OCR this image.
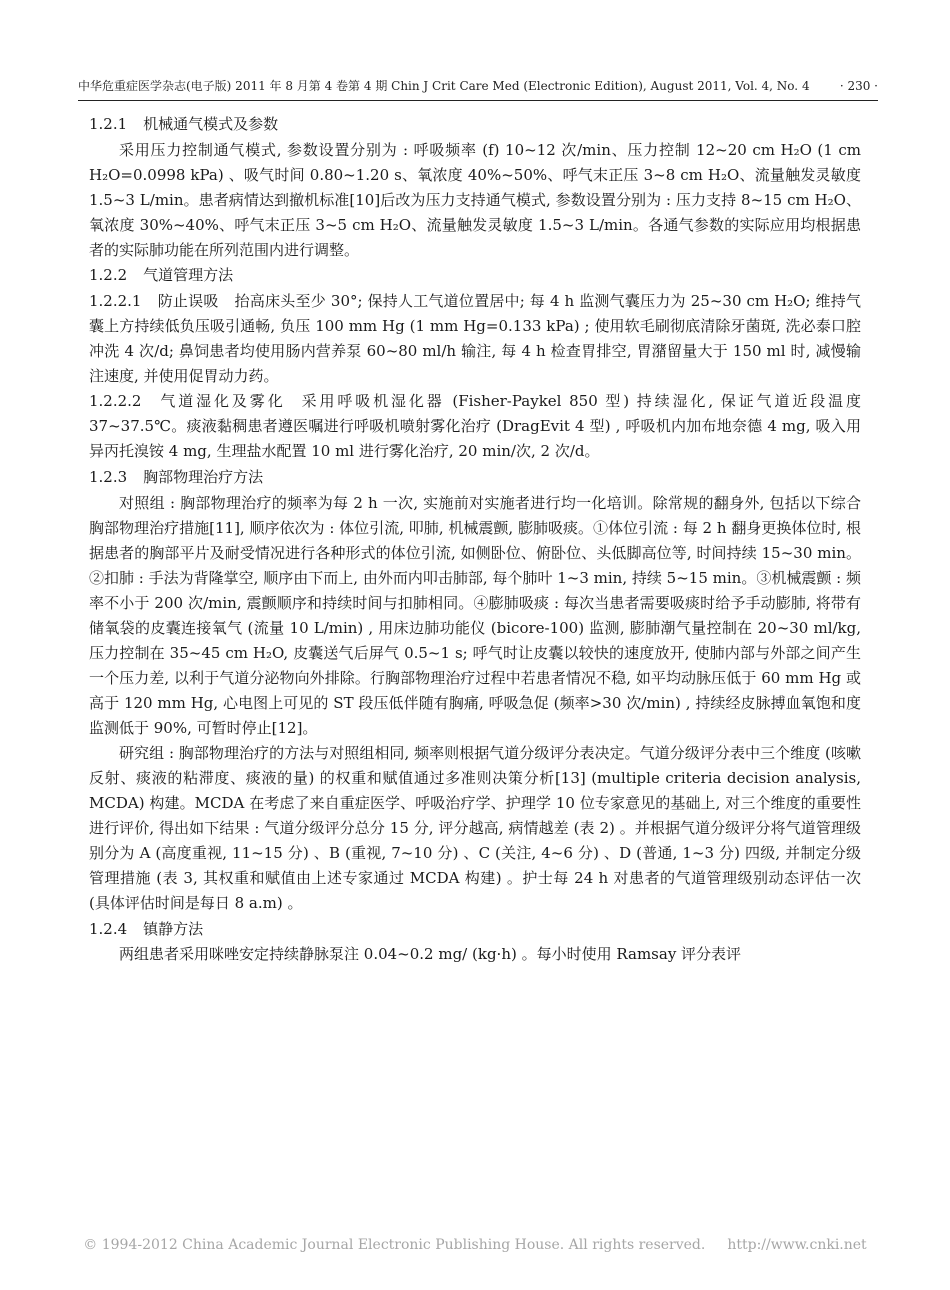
中华危重症医学杂志(电子版) 2011 年 8 月第 4 卷第 4 期 Chin J Crit Care Med (Electronic Edition), August 2011, Vol. 4, No. 4	· 230 ·
1.2.1 机械通气模式及参数
采用压力控制通气模式, 参数设置分别为 : 呼吸频率 (f) 10~12 次/min、压力控制 12~20 cm H₂O (1 cm H₂O=0.0998 kPa) 、吸气时间 0.80~1.20 s、氧浓度 40%~50%、呼气末正压 3~8 cm H₂O、流量触发灵敏度 1.5~3 L/min。患者病情达到撤机标准[10]后改为压力支持通气模式, 参数设置分别为 : 压力支持 8~15 cm H₂O、氧浓度 30%~40%、呼气末正压 3~5 cm H₂O、流量触发灵敏度 1.5~3 L/min。各通气参数的实际应用均根据患者的实际肺功能在所列范围内进行调整。
1.2.2 气道管理方法
1.2.2.1 防止误吸 抬高床头至少 30°; 保持人工气道位置居中; 每 4 h 监测气囊压力为 25~30 cm H₂O; 维持气囊上方持续低负压吸引通畅, 负压 100 mm Hg (1 mm Hg=0.133 kPa) ; 使用软毛刷彻底清除牙菌斑, 洗必泰口腔冲洗 4 次/d; 鼻饲患者均使用肠内营养泵 60~80 ml/h 输注, 每 4 h 检查胃排空, 胃潴留量大于 150 ml 时, 减慢输注速度, 并使用促胃动力药。
1.2.2.2 气道湿化及雾化 采用呼吸机湿化器 (Fisher-Paykel 850 型) 持续湿化, 保证气道近段温度 37~37.5℃。痰液黏稠患者遵医嘱进行呼吸机喷射雾化治疗 (DragEvit 4 型) , 呼吸机内加布地奈德 4 mg, 吸入用异丙托溴铵 4 mg, 生理盐水配置 10 ml 进行雾化治疗, 20 min/次, 2 次/d。
1.2.3 胸部物理治疗方法
对照组 : 胸部物理治疗的频率为每 2 h 一次, 实施前对实施者进行均一化培训。除常规的翻身外, 包括以下综合胸部物理治疗措施[11], 顺序依次为 : 体位引流, 叩肺, 机械震颤, 膨肺吸痰。①体位引流 : 每 2 h 翻身更换体位时, 根据患者的胸部平片及耐受情况进行各种形式的体位引流, 如侧卧位、俯卧位、头低脚高位等, 时间持续 15~30 min。②扣肺 : 手法为背隆掌空, 顺序由下而上, 由外而内叩击肺部, 每个肺叶 1~3 min, 持续 5~15 min。③机械震颤 : 频率不小于 200 次/min, 震颤顺序和持续时间与扣肺相同。④膨肺吸痰 : 每次当患者需要吸痰时给予手动膨肺, 将带有储氧袋的皮囊连接氧气 (流量 10 L/min) , 用床边肺功能仪 (bicore-100) 监测, 膨肺潮气量控制在 20~30 ml/kg, 压力控制在 35~45 cm H₂O, 皮囊送气后屏气 0.5~1 s; 呼气时让皮囊以较快的速度放开, 使肺内部与外部之间产生一个压力差, 以利于气道分泌物向外排除。行胸部物理治疗过程中若患者情况不稳, 如平均动脉压低于 60 mm Hg 或高于 120 mm Hg, 心电图上可见的 ST 段压低伴随有胸痛, 呼吸急促 (频率>30 次/min) , 持续经皮脉搏血氧饱和度监测低于 90%, 可暂时停止[12]。
研究组 : 胸部物理治疗的方法与对照组相同, 频率则根据气道分级评分表决定。气道分级评分表中三个维度 (咳嗽反射、痰液的粘滞度、痰液的量) 的权重和赋值通过多准则决策分析[13] (multiple criteria decision analysis, MCDA) 构建。MCDA 在考虑了来自重症医学、呼吸治疗学、护理学 10 位专家意见的基础上, 对三个维度的重要性进行评价, 得出如下结果 : 气道分级评分总分 15 分, 评分越高, 病情越差 (表 2) 。并根据气道分级评分将气道管理级别分为 A (高度重视, 11~15 分) 、B (重视, 7~10 分) 、C (关注, 4~6 分) 、D (普通, 1~3 分) 四级, 并制定分级管理措施 (表 3, 其权重和赋值由上述专家通过 MCDA 构建) 。护士每 24 h 对患者的气道管理级别动态评估一次 (具体评估时间是每日 8 a.m) 。
1.2.4 镇静方法
两组患者采用咪唑安定持续静脉泵注 0.04~0.2 mg/ (kg·h) 。每小时使用 Ramsay 评分表评
© 1994-2012 China Academic Journal Electronic Publishing House. All rights reserved. http://www.cnki.net
